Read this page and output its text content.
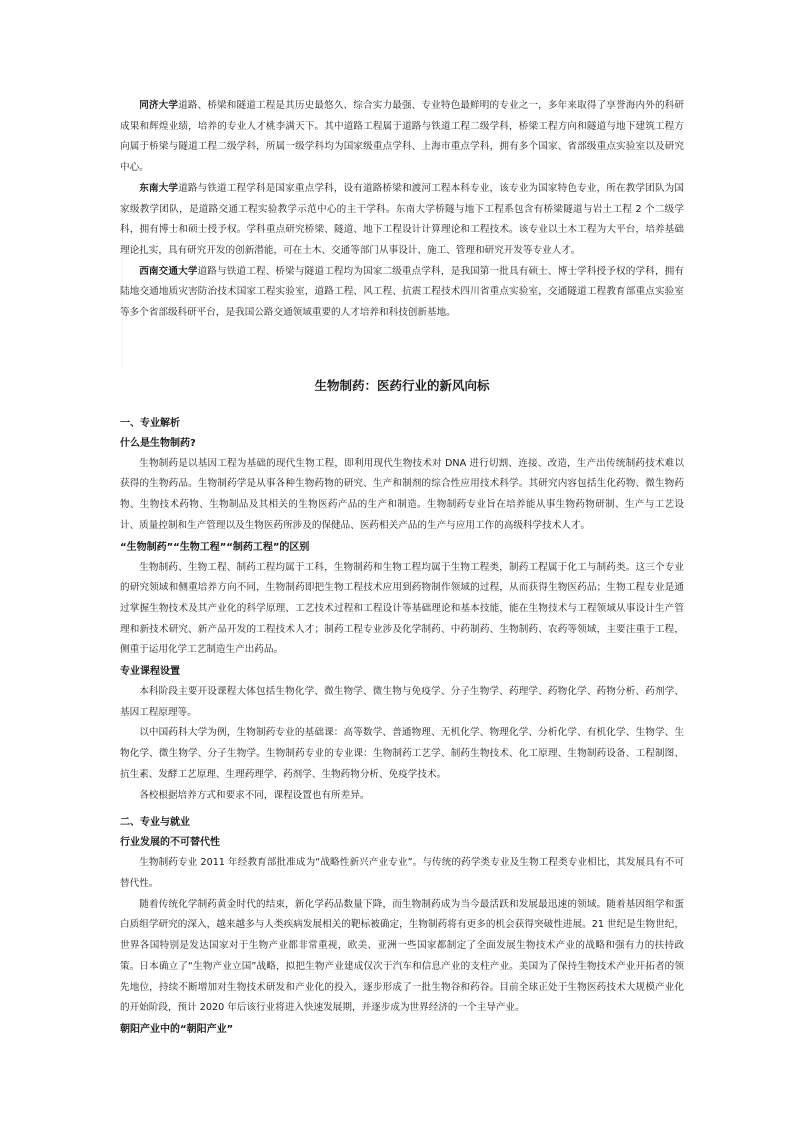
同济大学道路、桥梁和隧道工程是其历史最悠久、综合实力最强、专业特色最鲜明的专业之一，多年来取得了享誉海内外的科研成果和辉煌业绩，培养的专业人才桃李满天下。其中道路工程属于道路与铁道工程二级学科，桥梁工程方向和隧道与地下建筑工程方向属于桥梁与隧道工程二级学科，所属一级学科均为国家级重点学科、上海市重点学科，拥有多个国家、省部级重点实验室以及研究中心。

东南大学道路与铁道工程学科是国家重点学科，设有道路桥梁和渡河工程本科专业，该专业为国家特色专业，所在教学团队为国家级教学团队，是道路交通工程实验教学示范中心的主干学科。东南大学桥隧与地下工程系包含有桥梁隧道与岩土工程 2 个二级学科，拥有博士和硕士授予权。学科重点研究桥梁、隧道、地下工程设计计算理论和工程技术。该专业以土木工程为大平台，培养基础理论扎实，具有研究开发的创新潜能，可在土木、交通等部门从事设计、施工、管理和研究开发等专业人才。

西南交通大学道路与铁道工程、桥梁与隧道工程均为国家二级重点学科，是我国第一批具有硕士、博士学科授予权的学科，拥有陆地交通地质灾害防治技术国家工程实验室，道路工程、风工程、抗震工程技术四川省重点实验室，交通隧道工程教育部重点实验室等多个省部级科研平台，是我国公路交通领域重要的人才培养和科技创新基地。

生物制药：医药行业的新风向标
一、专业解析
什么是生物制药?

生物制药是以基因工程为基础的现代生物工程，即利用现代生物技术对 DNA 进行切割、连接、改造，生产出传统制药技术难以获得的生物药品。生物制药学是从事各种生物药物的研究、生产和制剂的综合性应用技术科学。其研究内容包括生化药物、微生物药物、生物技术药物、生物制品及其相关的生物医药产品的生产和制造。生物制药专业旨在培养能从事生物药物研制、生产与工艺设计、质量控制和生产管理以及生物医药所涉及的保健品、医药相关产品的生产与应用工作的高级科学技术人才。

“生物制药”“生物工程”“制药工程”的区别

生物制药、生物工程、制药工程均属于工科，生物制药和生物工程均属于生物工程类，制药工程属于化工与制药类。这三个专业的研究领域和侧重培养方向不同，生物制药即把生物工程技术应用到药物制作领域的过程，从而获得生物医药品；生物工程专业是通过掌握生物技术及其产业化的科学原理、工艺技术过程和工程设计等基础理论和基本技能，能在生物技术与工程领域从事设计生产管理和新技术研究、新产品开发的工程技术人才；制药工程专业涉及化学制药、中药制药、生物制药、农药等领域，主要注重于工程，侧重于运用化学工艺制造生产出药品。

专业课程设置

本科阶段主要开设课程大体包括生物化学、微生物学、微生物与免疫学、分子生物学、药理学、药物化学、药物分析、药剂学、基因工程原理等。

以中国药科大学为例，生物制药专业的基础课：高等数学、普通物理、无机化学、物理化学、分析化学、有机化学、生物学、生物化学、微生物学、分子生物学。生物制药专业的专业课：生物制药工艺学、制药生物技术、化工原理、生物制药设备、工程制图、抗生素、发酵工艺原理、生理药理学、药剂学、生物药物分析、免疫学技术。

各校根据培养方式和要求不同，课程设置也有所差异。

二、专业与就业
行业发展的不可替代性

生物制药专业 2011 年经教育部批准成为“战略性新兴产业专业”。与传统的药学类专业及生物工程类专业相比，其发展具有不可替代性。

随着传统化学制药黄金时代的结束，新化学药品数量下降，而生物制药成为当今最活跃和发展最迅速的领域。随着基因组学和蛋白质组学研究的深入，越来越多与人类疾病发展相关的靶标被确定，生物制药将有更多的机会获得突破性进展。21 世纪是生物世纪，世界各国特别是发达国家对于生物产业都非常重视，欧美、亚洲一些国家都制定了全面发展生物技术产业的战略和强有力的扶持政策。日本确立了“生物产业立国”战略，拟把生物产业建成仅次于汽车和信息产业的支柱产业。美国为了保持生物技术产业开拓者的领先地位，持续不断增加对生物技术研发和产业化的投入，逐步形成了一批生物谷和药谷。目前全球正处于生物医药技术大规模产业化的开始阶段，预计 2020 年后该行业将进入快速发展期，并逐步成为世界经济的一个主导产业。

朝阳产业中的“朝阳产业”
